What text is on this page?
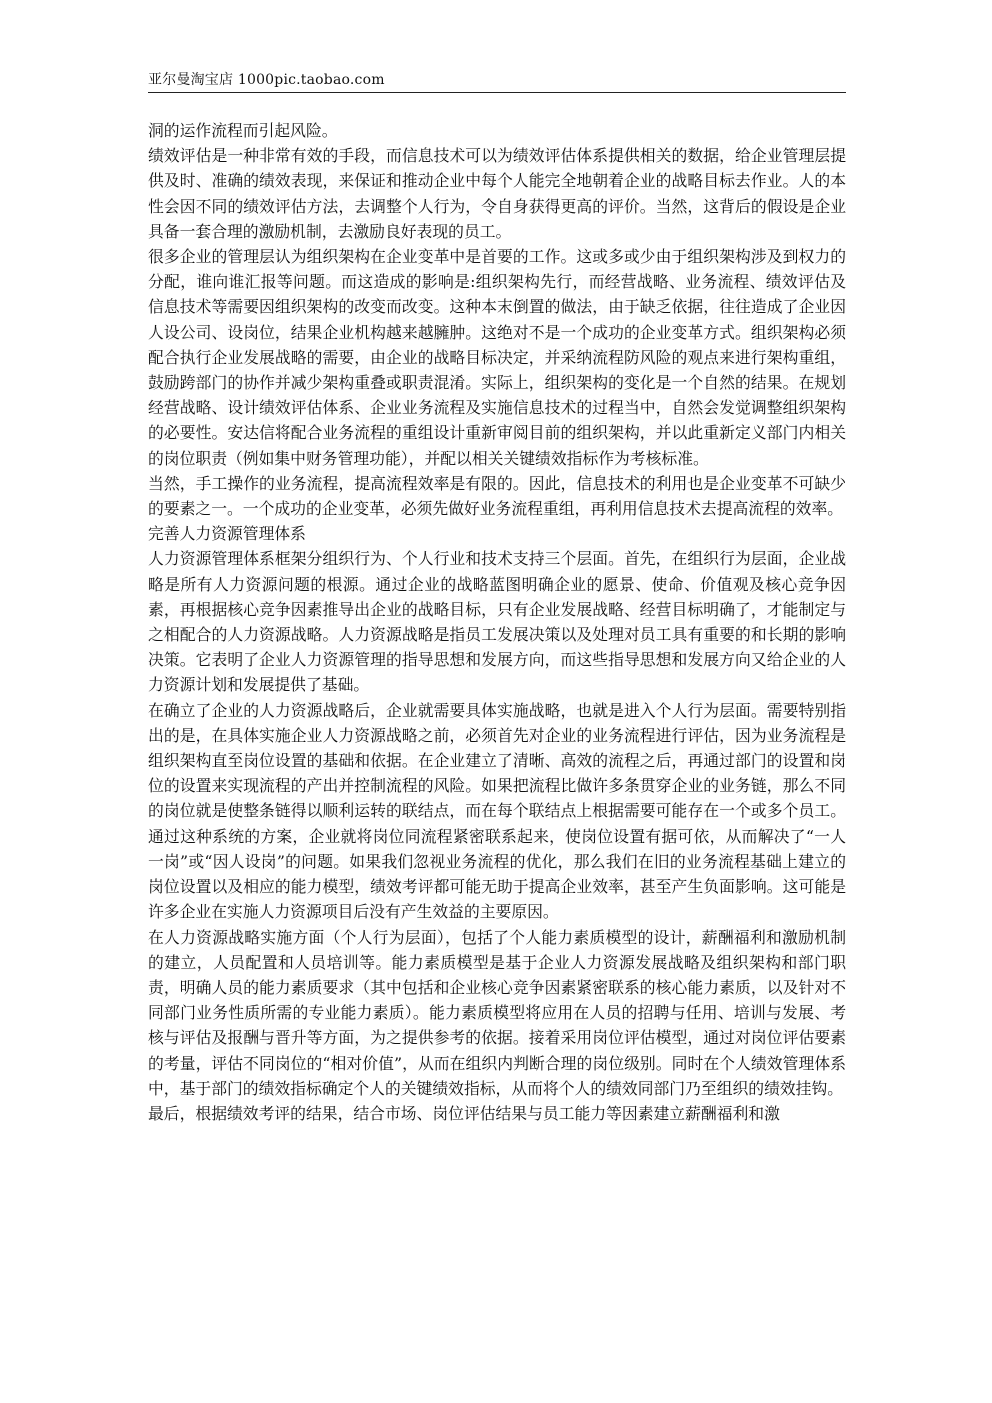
亚尔曼淘宝店 1000pic.taobao.com

洞的运作流程而引起风险。

绩效评估是一种非常有效的手段，而信息技术可以为绩效评估体系提供相关的数据，给企业管理层提供及时、准确的绩效表现，来保证和推动企业中每个人能完全地朝着企业的战略目标去作业。人的本性会因不同的绩效评估方法，去调整个人行为，令自身获得更高的评价。当然，这背后的假设是企业具备一套合理的激励机制，去激励良好表现的员工。

很多企业的管理层认为组织架构在企业变革中是首要的工作。这或多或少由于组织架构涉及到权力的分配，谁向谁汇报等问题。而这造成的影响是:组织架构先行，而经营战略、业务流程、绩效评估及信息技术等需要因组织架构的改变而改变。这种本末倒置的做法，由于缺乏依据，往往造成了企业因人设公司、设岗位，结果企业机构越来越臃肿。这绝对不是一个成功的企业变革方式。组织架构必须配合执行企业发展战略的需要，由企业的战略目标决定，并采纳流程防风险的观点来进行架构重组，鼓励跨部门的协作并减少架构重叠或职责混淆。实际上，组织架构的变化是一个自然的结果。在规划经营战略、设计绩效评估体系、企业业务流程及实施信息技术的过程当中，自然会发觉调整组织架构的必要性。安达信将配合业务流程的重组设计重新审阅目前的组织架构，并以此重新定义部门内相关的岗位职责（例如集中财务管理功能），并配以相关关键绩效指标作为考核标准。

当然，手工操作的业务流程，提高流程效率是有限的。因此，信息技术的利用也是企业变革不可缺少的要素之一。一个成功的企业变革，必须先做好业务流程重组，再利用信息技术去提高流程的效率。

完善人力资源管理体系

人力资源管理体系框架分组织行为、个人行业和技术支持三个层面。首先，在组织行为层面，企业战略是所有人力资源问题的根源。通过企业的战略蓝图明确企业的愿景、使命、价值观及核心竞争因素，再根据核心竞争因素推导出企业的战略目标，只有企业发展战略、经营目标明确了，才能制定与之相配合的人力资源战略。人力资源战略是指员工发展决策以及处理对员工具有重要的和长期的影响决策。它表明了企业人力资源管理的指导思想和发展方向，而这些指导思想和发展方向又给企业的人力资源计划和发展提供了基础。

在确立了企业的人力资源战略后，企业就需要具体实施战略，也就是进入个人行为层面。需要特别指出的是，在具体实施企业人力资源战略之前，必须首先对企业的业务流程进行评估，因为业务流程是组织架构直至岗位设置的基础和依据。在企业建立了清晰、高效的流程之后，再通过部门的设置和岗位的设置来实现流程的产出并控制流程的风险。如果把流程比做许多条贯穿企业的业务链，那么不同的岗位就是使整条链得以顺利运转的联结点，而在每个联结点上根据需要可能存在一个或多个员工。通过这种系统的方案，企业就将岗位同流程紧密联系起来，使岗位设置有据可依，从而解决了“一人一岗”或“因人设岗”的问题。如果我们忽视业务流程的优化，那么我们在旧的业务流程基础上建立的岗位设置以及相应的能力模型，绩效考评都可能无助于提高企业效率，甚至产生负面影响。这可能是许多企业在实施人力资源项目后没有产生效益的主要原因。

在人力资源战略实施方面（个人行为层面），包括了个人能力素质模型的设计，薪酬福利和激励机制的建立，人员配置和人员培训等。能力素质模型是基于企业人力资源发展战略及组织架构和部门职责，明确人员的能力素质要求（其中包括和企业核心竞争因素紧密联系的核心能力素质，以及针对不同部门业务性质所需的专业能力素质）。能力素质模型将应用在人员的招聘与任用、培训与发展、考核与评估及报酬与晋升等方面，为之提供参考的依据。接着采用岗位评估模型，通过对岗位评估要素的考量，评估不同岗位的“相对价值”，从而在组织内判断合理的岗位级别。同时在个人绩效管理体系中，基于部门的绩效指标确定个人的关键绩效指标，从而将个人的绩效同部门乃至组织的绩效挂钩。

最后，根据绩效考评的结果，结合市场、岗位评估结果与员工能力等因素建立薪酬福利和激
